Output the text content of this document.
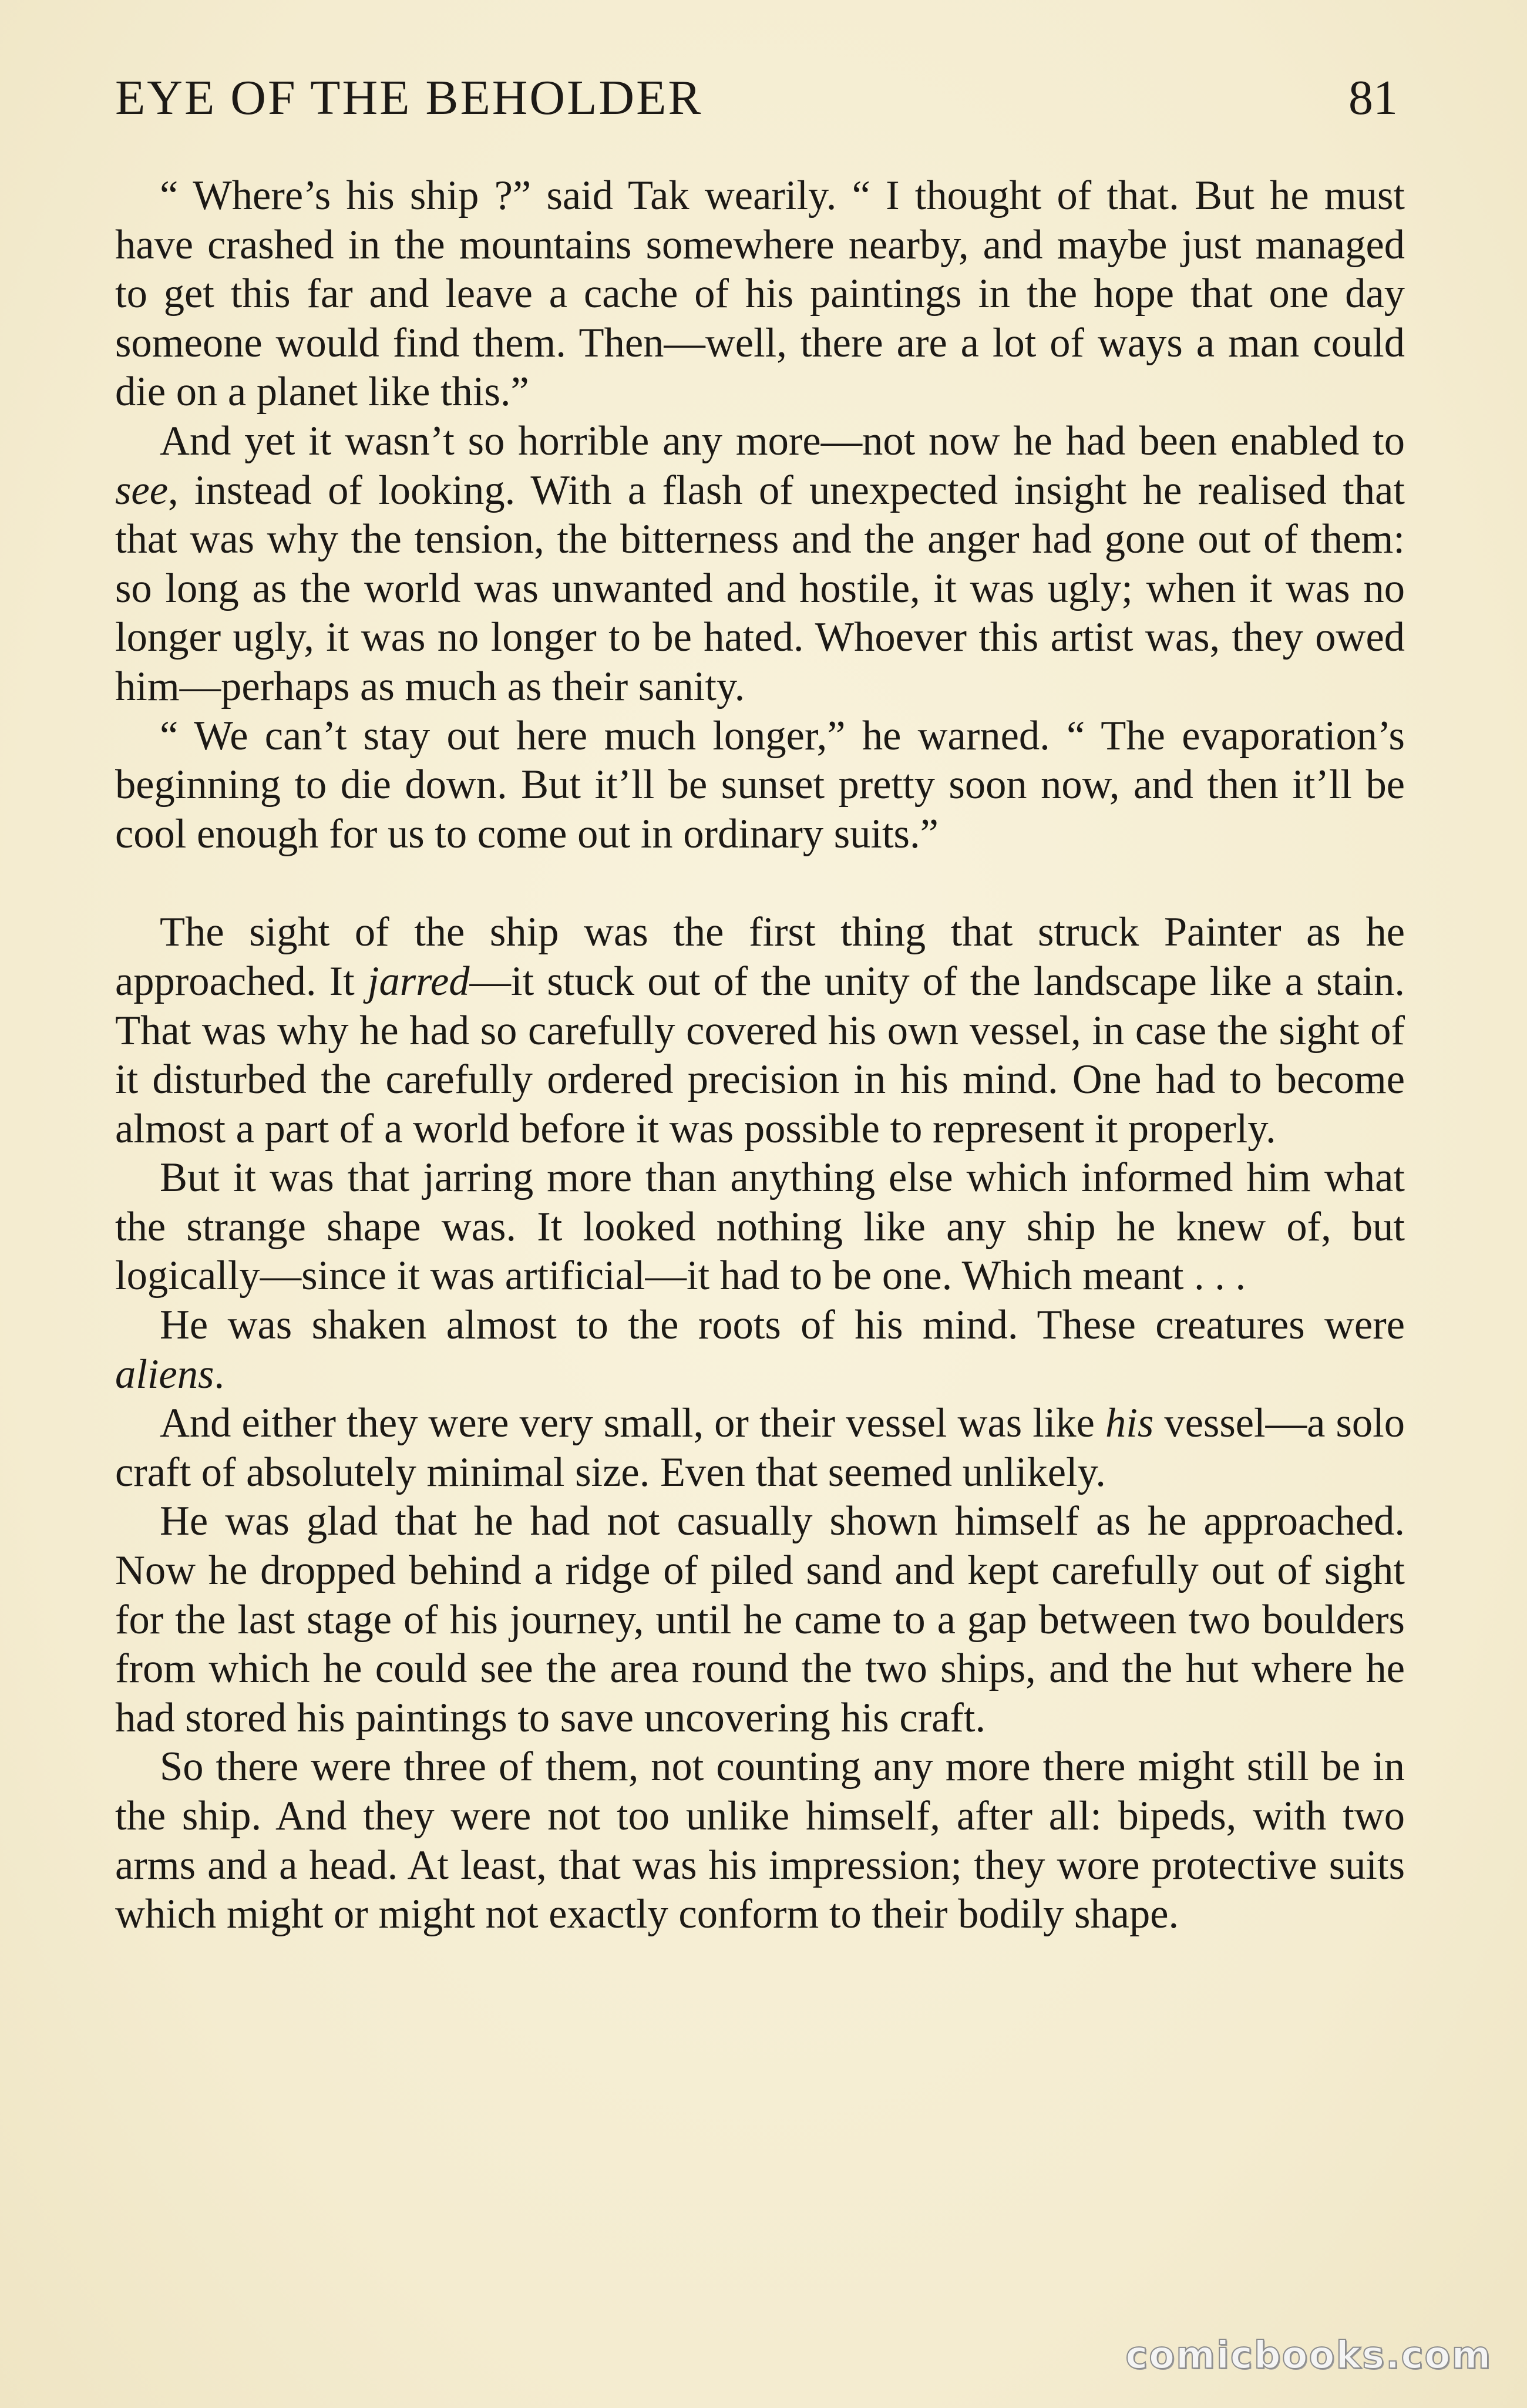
EYE OF THE BEHOLDER	81

“ Where’s his ship ?” said Tak wearily. “ I thought of that. But he must have crashed in the mountains somewhere nearby, and maybe just managed to get this far and leave a cache of his paintings in the hope that one day someone would find them. Then—well, there are a lot of ways a man could die on a planet like this.”

And yet it wasn’t so horrible any more—not now he had been enabled to see, instead of looking. With a flash of unexpected insight he realised that that was why the tension, the bitterness and the anger had gone out of them: so long as the world was unwanted and hostile, it was ugly; when it was no longer ugly, it was no longer to be hated. Whoever this artist was, they owed him—perhaps as much as their sanity.

“ We can’t stay out here much longer,” he warned. “ The evaporation’s beginning to die down. But it’ll be sunset pretty soon now, and then it’ll be cool enough for us to come out in ordinary suits.”

The sight of the ship was the first thing that struck Painter as he approached. It jarred—it stuck out of the unity of the landscape like a stain. That was why he had so carefully covered his own vessel, in case the sight of it disturbed the carefully ordered precision in his mind. One had to become almost a part of a world before it was possible to represent it properly.

But it was that jarring more than anything else which informed him what the strange shape was. It looked nothing like any ship he knew of, but logically—since it was artificial—it had to be one. Which meant . . .

He was shaken almost to the roots of his mind. These creatures were aliens.

And either they were very small, or their vessel was like his vessel—a solo craft of absolutely minimal size. Even that seemed unlikely.

He was glad that he had not casually shown himself as he approached. Now he dropped behind a ridge of piled sand and kept carefully out of sight for the last stage of his journey, until he came to a gap between two boulders from which he could see the area round the two ships, and the hut where he had stored his paintings to save uncovering his craft.

So there were three of them, not counting any more there might still be in the ship. And they were not too unlike himself, after all: bipeds, with two arms and a head. At least, that was his impression; they wore protective suits which might or might not exactly conform to their bodily shape.

comicbooks.com
